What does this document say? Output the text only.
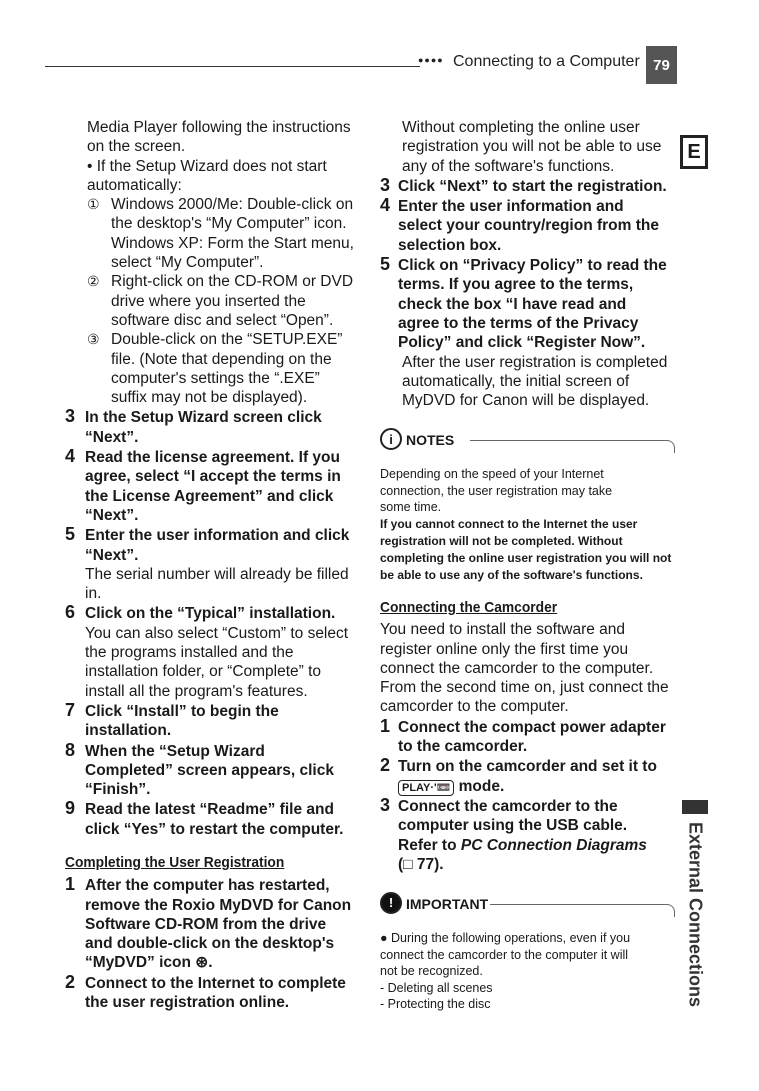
●●●● Connecting to a Computer 79
E
External Connections

Media Player following the instructions

on the screen.

• If the Setup Wizard does not start

automatically:

① Windows 2000/Me: Double-click on

the desktop's “My Computer” icon.

Windows XP: Form the Start menu,

select “My Computer”.

② Right-click on the CD-ROM or DVD

drive where you inserted the

software disc and select “Open”.

③ Double-click on the “SETUP.EXE”

file. (Note that depending on the

computer's settings the “.EXE”

suffix may not be displayed).

3 In the Setup Wizard screen click

“Next”.

4 Read the license agreement. If you

agree, select “I accept the terms in

the License Agreement” and click

“Next”.

5 Enter the user information and click

“Next”.

The serial number will already be filled

in.

6 Click on the “Typical” installation.

You can also select “Custom” to select

the programs installed and the

installation folder, or “Complete” to

install all the program's features.

7 Click “Install” to begin the

installation.

8 When the “Setup Wizard

Completed” screen appears, click

“Finish”.

9 Read the latest “Readme” file and

click “Yes” to restart the computer.

Completing the User Registration
1 After the computer has restarted,

remove the Roxio MyDVD for Canon

Software CD-ROM from the drive

and double-click on the desktop's

“MyDVD” icon ⊛.

2 Connect to the Internet to complete

the user registration online.

Without completing the online user

registration you will not be able to use

any of the software's functions.

3 Click “Next” to start the registration.

4 Enter the user information and

select your country/region from the

selection box.

5 Click on “Privacy Policy” to read the

terms. If you agree to the terms,

check the box “I have read and

agree to the terms of the Privacy

Policy” and click “Register Now”.

After the user registration is completed

automatically, the initial screen of

MyDVD for Canon will be displayed.

i NOTES

Depending on the speed of your Internet

connection, the user registration may take

some time.

If you cannot connect to the Internet the user

registration will not be completed. Without

completing the online user registration you will not

be able to use any of the software's functions.

Connecting the Camcorder

You need to install the software and

register online only the first time you

connect the camcorder to the computer.

From the second time on, just connect the

camcorder to the computer.

1 Connect the compact power adapter

to the camcorder.

2 Turn on the camcorder and set it to

PLAY·'📼 mode.

3 Connect the camcorder to the

computer using the USB cable.

Refer to PC Connection Diagrams

(□ 77).

! IMPORTANT

● During the following operations, even if you

connect the camcorder to the computer it will

not be recognized.

- Deleting all scenes

- Protecting the disc
